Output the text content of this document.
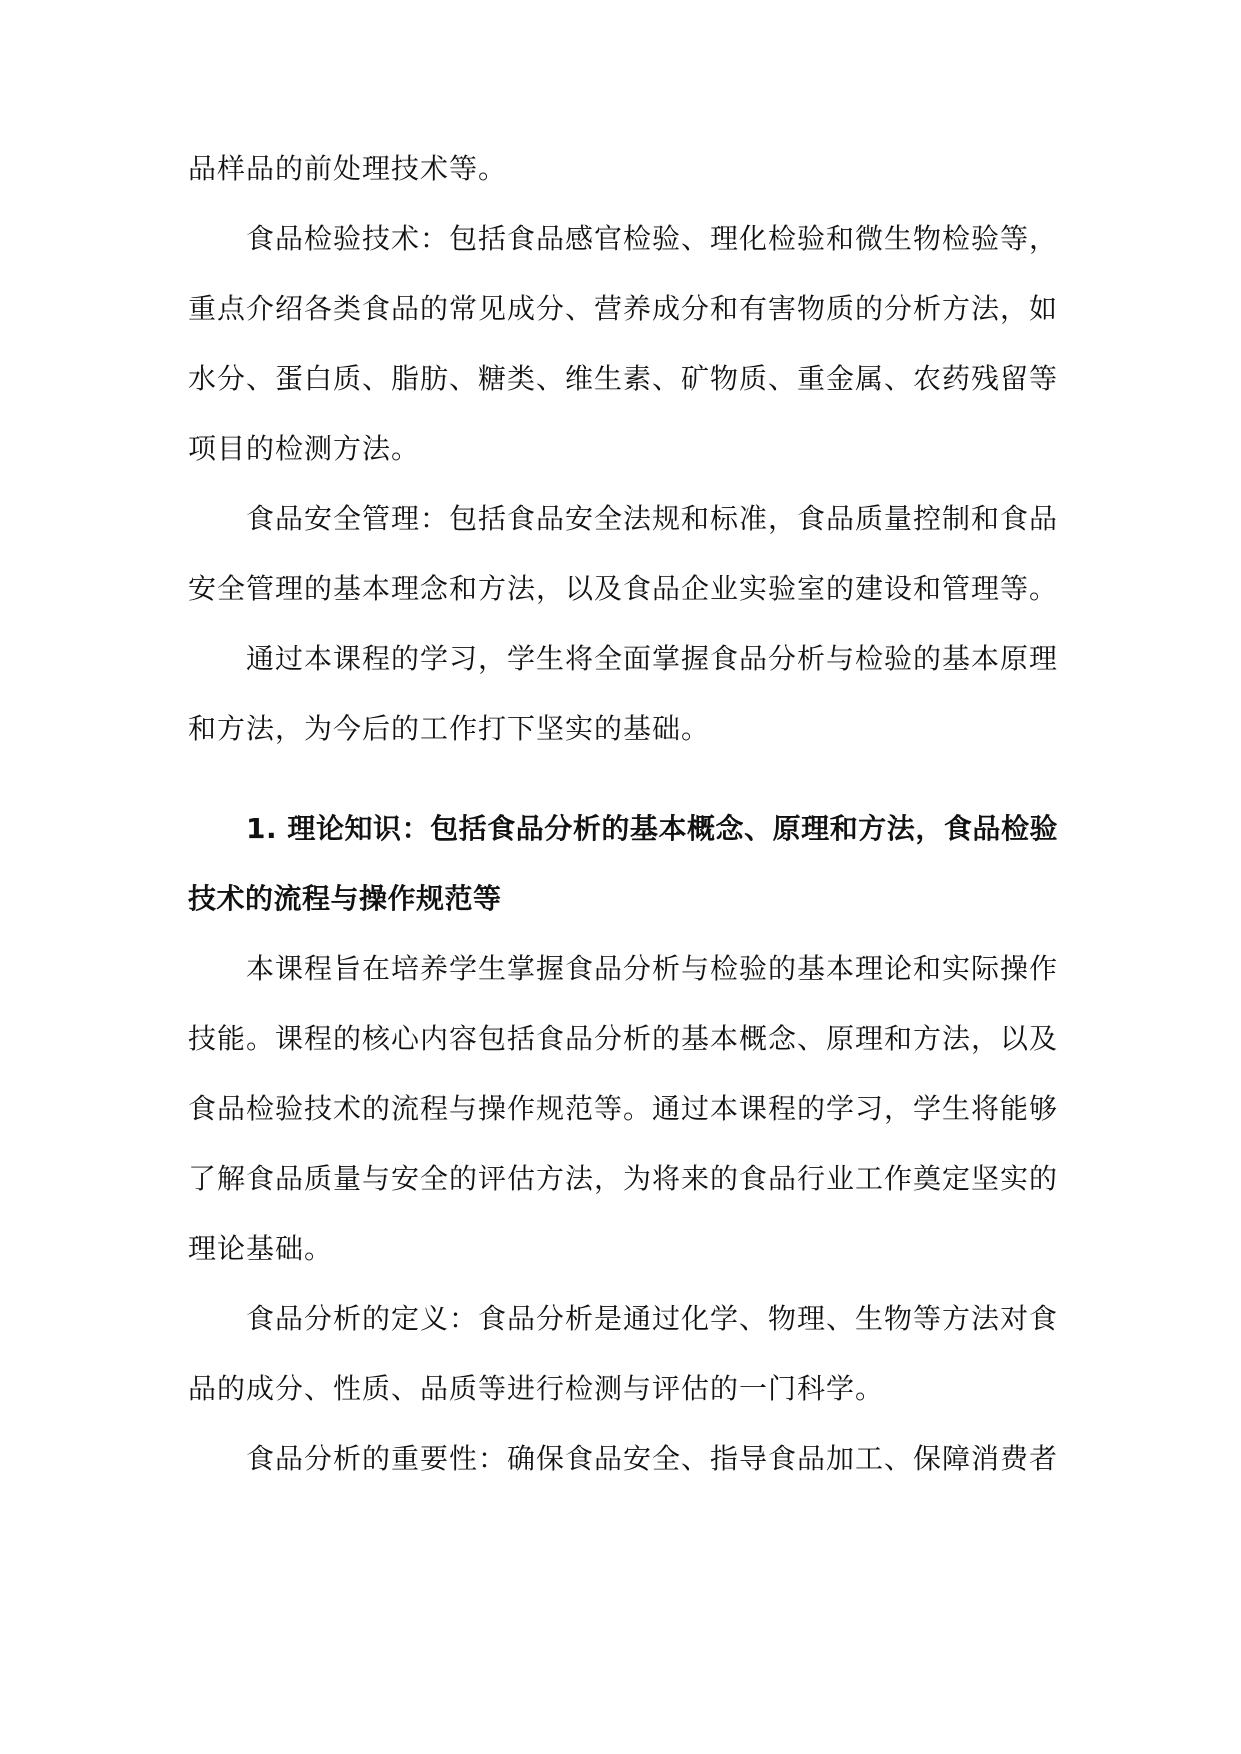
品样品的前处理技术等。

食品检验技术：包括食品感官检验、理化检验和微生物检验等，重点介绍各类食品的常见成分、营养成分和有害物质的分析方法，如水分、蛋白质、脂肪、糖类、维生素、矿物质、重金属、农药残留等项目的检测方法。

食品安全管理：包括食品安全法规和标准，食品质量控制和食品安全管理的基本理念和方法，以及食品企业实验室的建设和管理等。

通过本课程的学习，学生将全面掌握食品分析与检验的基本原理和方法，为今后的工作打下坚实的基础。

1. 理论知识：包括食品分析的基本概念、原理和方法，食品检验技术的流程与操作规范等

本课程旨在培养学生掌握食品分析与检验的基本理论和实际操作技能。课程的核心内容包括食品分析的基本概念、原理和方法，以及食品检验技术的流程与操作规范等。通过本课程的学习，学生将能够了解食品质量与安全的评估方法，为将来的食品行业工作奠定坚实的理论基础。

食品分析的定义：食品分析是通过化学、物理、生物等方法对食品的成分、性质、品质等进行检测与评估的一门科学。

食品分析的重要性：确保食品安全、指导食品加工、保障消费者
